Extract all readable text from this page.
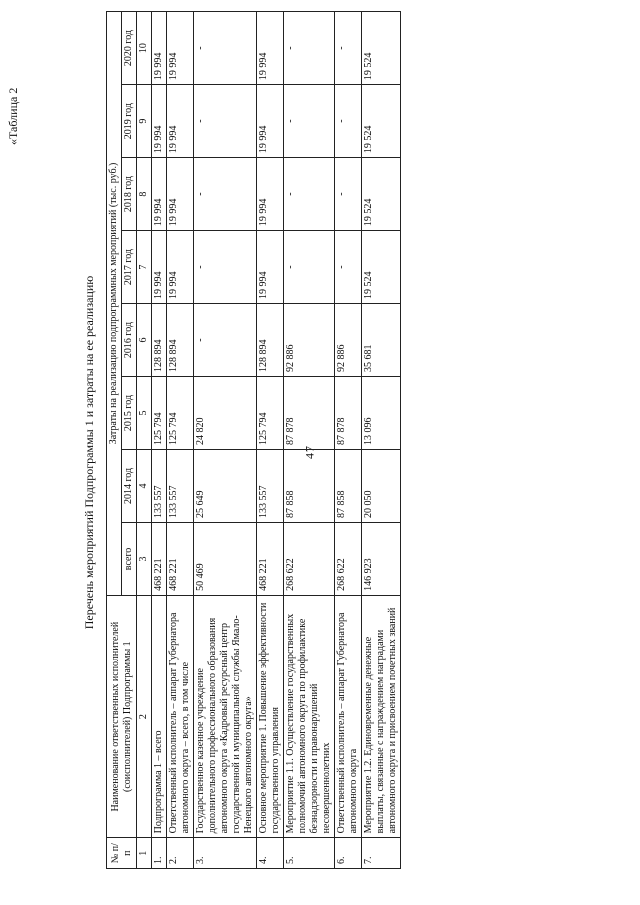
47
«Таблица 2
Перечень мероприятий Подпрограммы 1 и затраты на ее реализацию
№ п/п	Наименование ответственных исполнителей (соисполнителей) Подпрограммы 1	Затраты на реализацию подпрограммных мероприятий (тыс. руб.)							
		всего	2014 год	2015 год	2016 год	2017 год	2018 год	2019 год	2020 год
1	2	3	4	5	6	7	8	9	10
1.	Подпрограмма 1 – всего	468 221	133 557	125 794	128 894	19 994	19 994	19 994	19 994
2.	Ответственный исполнитель – аппарат Губернатора автономного округа – всего, в том числе	468 221	133 557	125 794	128 894	19 994	19 994	19 994	19 994
3.	Государственное казенное учреждение дополнительного профессионального образования автономного округа «Кадровый ресурсный центр государственной и муниципальной службы Ямало-Ненецкого автономного округа»	50 469	25 649	24 820	-	-	-	-	-
4.	Основное мероприятие 1. Повышение эффективности государственного управления	468 221	133 557	125 794	128 894	19 994	19 994	19 994	19 994
5.	Мероприятие 1.1. Осуществление государственных полномочий автономного округа по профилактике безнадзорности и правонарушений несовершеннолетних	268 622	87 858	87 878	92 886	-	-	-	-
6.	Ответственный исполнитель – аппарат Губернатора автономного округа	268 622	87 858	87 878	92 886	-	-	-	-
7.	Мероприятие 1.2. Единовременные денежные выплаты, связанные с награждением наградами автономного округа и присвоением почетных званий	146 923	20 050	13 096	35 681	19 524	19 524	19 524	19 524
